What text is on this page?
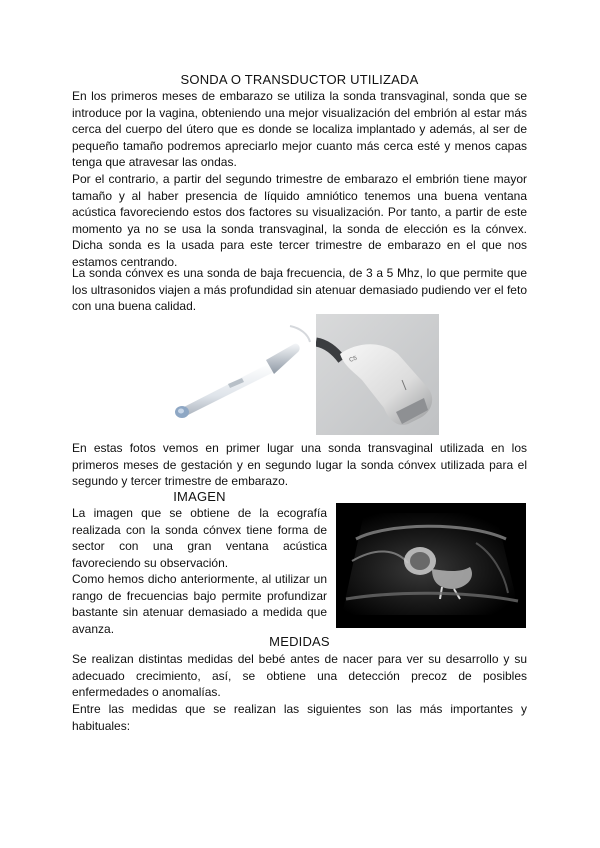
SONDA O TRANSDUCTOR UTILIZADA
En los primeros meses de embarazo se utiliza la sonda transvaginal, sonda que se introduce por la vagina, obteniendo una mejor visualización del embrión al estar más cerca del cuerpo del útero que es donde se localiza implantado y además, al ser de pequeño tamaño podremos apreciarlo mejor cuanto más cerca esté y menos capas tenga que atravesar las ondas.
Por el contrario, a partir del segundo trimestre de embarazo el embrión tiene mayor tamaño y al haber presencia de líquido amniótico tenemos una buena ventana acústica favoreciendo estos dos factores su visualización. Por tanto, a partir de este momento ya no se usa la sonda transvaginal, la sonda de elección es la cónvex. Dicha sonda es la usada para este tercer trimestre de embarazo en el que nos estamos centrando.
La sonda cónvex es una sonda de baja frecuencia, de 3 a 5 Mhz, lo que permite que los ultrasonidos viajen a más profundidad sin atenuar demasiado pudiendo ver el feto con una buena calidad.
C5
En estas fotos vemos en primer lugar una sonda transvaginal utilizada en los primeros meses de gestación y en segundo lugar la sonda cónvex utilizada para el segundo y tercer trimestre de embarazo.
IMAGEN
La imagen que se obtiene de la ecografía realizada con la sonda cónvex tiene forma de sector con una gran ventana acústica favoreciendo su observación.
Como hemos dicho anteriormente, al utilizar un rango de frecuencias bajo permite profundizar bastante sin atenuar demasiado a medida que avanza.
MEDIDAS
Se realizan distintas medidas del bebé antes de nacer para ver su desarrollo y su adecuado crecimiento, así, se obtiene una detección precoz de posibles enfermedades o anomalías.
Entre las medidas que se realizan las siguientes son las más importantes y habituales:
